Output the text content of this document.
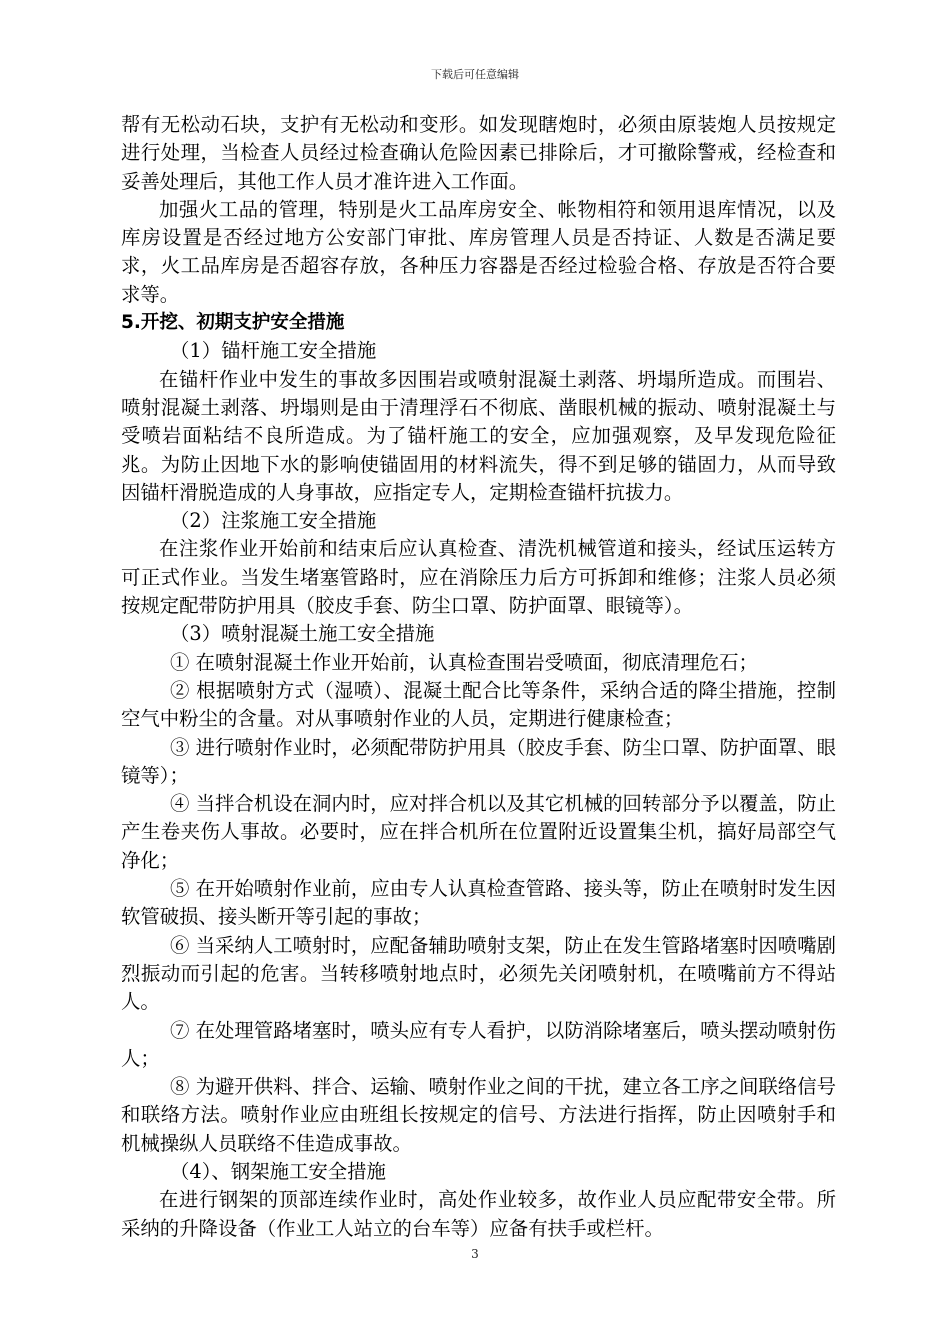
下载后可任意编辑

帮有无松动石块，支护有无松动和变形。如发现瞎炮时，必须由原装炮人员按规定进行处理，当检查人员经过检查确认危险因素已排除后，才可撤除警戒，经检查和妥善处理后，其他工作人员才准许进入工作面。

加强火工品的管理，特别是火工品库房安全、帐物相符和领用退库情况，以及库房设置是否经过地方公安部门审批、库房管理人员是否持证、人数是否满足要求，火工品库房是否超容存放，各种压力容器是否经过检验合格、存放是否符合要求等。

5.开挖、初期支护安全措施

（1）锚杆施工安全措施

在锚杆作业中发生的事故多因围岩或喷射混凝土剥落、坍塌所造成。而围岩、喷射混凝土剥落、坍塌则是由于清理浮石不彻底、凿眼机械的振动、喷射混凝土与受喷岩面粘结不良所造成。为了锚杆施工的安全，应加强观察，及早发现危险征兆。为防止因地下水的影响使锚固用的材料流失，得不到足够的锚固力，从而导致因锚杆滑脱造成的人身事故，应指定专人，定期检查锚杆抗拔力。

（2）注浆施工安全措施

在注浆作业开始前和结束后应认真检查、清洗机械管道和接头，经试压运转方可正式作业。当发生堵塞管路时，应在消除压力后方可拆卸和维修；注浆人员必须按规定配带防护用具（胶皮手套、防尘口罩、防护面罩、眼镜等）。

（3）喷射混凝土施工安全措施

① 在喷射混凝土作业开始前，认真检查围岩受喷面，彻底清理危石；

② 根据喷射方式（湿喷）、混凝土配合比等条件，采纳合适的降尘措施，控制空气中粉尘的含量。对从事喷射作业的人员，定期进行健康检查；

③ 进行喷射作业时，必须配带防护用具（胶皮手套、防尘口罩、防护面罩、眼镜等）；

④ 当拌合机设在洞内时，应对拌合机以及其它机械的回转部分予以覆盖，防止产生卷夹伤人事故。必要时，应在拌合机所在位置附近设置集尘机，搞好局部空气净化；

⑤ 在开始喷射作业前，应由专人认真检查管路、接头等，防止在喷射时发生因软管破损、接头断开等引起的事故；

⑥ 当采纳人工喷射时，应配备辅助喷射支架，防止在发生管路堵塞时因喷嘴剧烈振动而引起的危害。当转移喷射地点时，必须先关闭喷射机，在喷嘴前方不得站人。

⑦ 在处理管路堵塞时，喷头应有专人看护，以防消除堵塞后，喷头摆动喷射伤人；

⑧ 为避开供料、拌合、运输、喷射作业之间的干扰，建立各工序之间联络信号和联络方法。喷射作业应由班组长按规定的信号、方法进行指挥，防止因喷射手和机械操纵人员联络不佳造成事故。

（4）、钢架施工安全措施

在进行钢架的顶部连续作业时，高处作业较多，故作业人员应配带安全带。所采纳的升降设备（作业工人站立的台车等）应备有扶手或栏杆。

3
